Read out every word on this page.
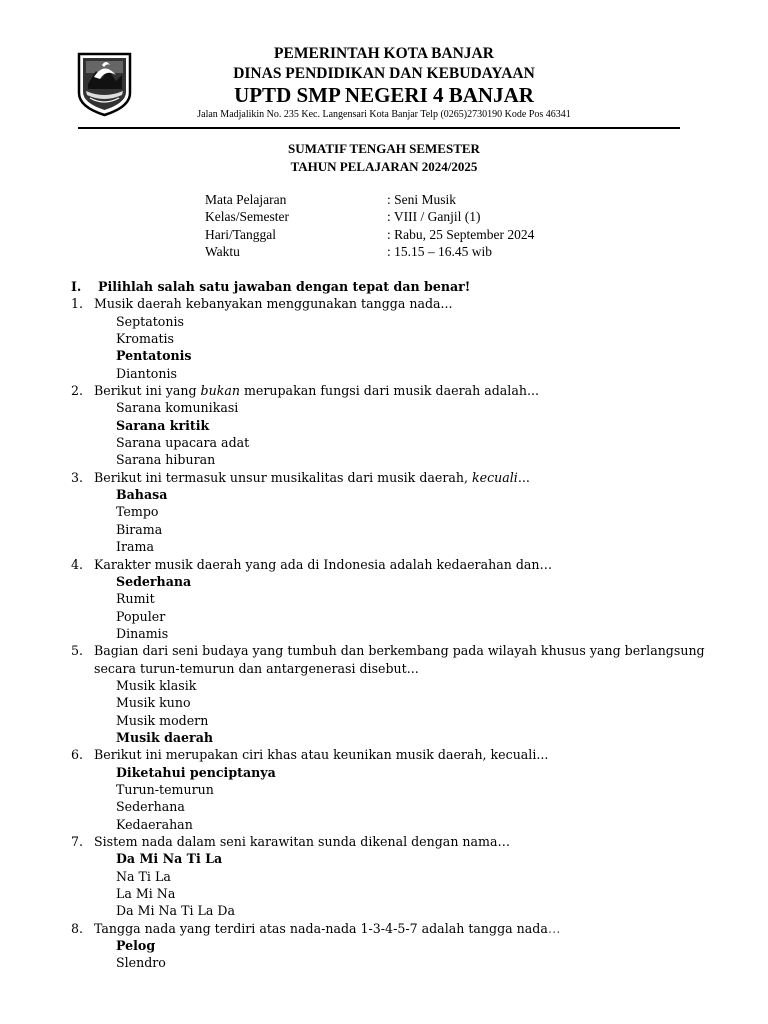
PEMERINTAH KOTA BANJAR

DINAS PENDIDIKAN DAN KEBUDAYAAN

UPTD SMP NEGERI 4 BANJAR

Jalan Madjalikin No. 235 Kec. Langensari Kota Banjar Telp (0265)2730190 Kode Pos 46341

SUMATIF TENGAH SEMESTER

TAHUN PELAJARAN 2024/2025

Mata Pelajaran	: Seni Musik
Kelas/Semester	: VIII / Ganjil (1)
Hari/Tanggal	: Rabu, 25 September 2024
Waktu	: 15.15 – 16.45 wib
I. Pilihlah salah satu jawaban dengan tepat dan benar!
1. Musik daerah kebanyakan menggunakan tangga nada...
Septatonis
Kromatis
Pentatonis
Diantonis
2. Berikut ini yang bukan merupakan fungsi dari musik daerah adalah...
Sarana komunikasi
Sarana kritik
Sarana upacara adat
Sarana hiburan
3. Berikut ini termasuk unsur musikalitas dari musik daerah, kecuali...
Bahasa
Tempo
Birama
Irama
4. Karakter musik daerah yang ada di Indonesia adalah kedaerahan dan…
Sederhana
Rumit
Populer
Dinamis
5. Bagian dari seni budaya yang tumbuh dan berkembang pada wilayah khusus yang berlangsung
secara turun-temurun dan antargenerasi disebut...
Musik klasik
Musik kuno
Musik modern
Musik daerah
6. Berikut ini merupakan ciri khas atau keunikan musik daerah, kecuali...
Diketahui penciptanya
Turun-temurun
Sederhana
Kedaerahan
7. Sistem nada dalam seni karawitan sunda dikenal dengan nama…
Da Mi Na Ti La
Na Ti La
La Mi Na
Da Mi Na Ti La Da
8. Tangga nada yang terdiri atas nada-nada 1-3-4-5-7 adalah tangga nada…
Pelog
Slendro
